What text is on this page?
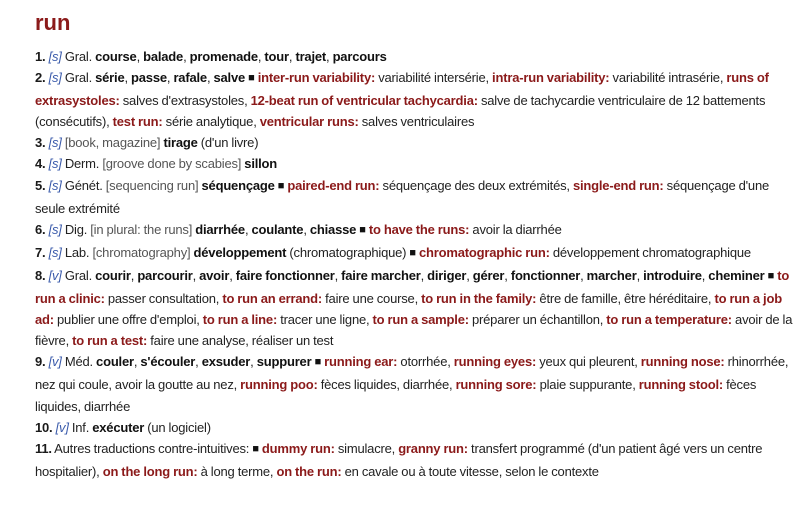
run
1. [s] Gral. course, balade, promenade, tour, trajet, parcours
2. [s] Gral. série, passe, rafale, salve ■ inter-run variability: variabilité intersérie, intra-run variability: variabilité intrasérie, runs of extrasystoles: salves d'extrasystoles, 12-beat run of ventricular tachycardia: salve de tachycardie ventriculaire de 12 battements (consécutifs), test run: série analytique, ventricular runs: salves ventriculaires
3. [s] [book, magazine] tirage (d'un livre)
4. [s] Derm. [groove done by scabies] sillon
5. [s] Génét. [sequencing run] séquençage ■ paired-end run: séquençage des deux extrémités, single-end run: séquençage d'une seule extrémité
6. [s] Dig. [in plural: the runs] diarrhée, coulante, chiasse ■ to have the runs: avoir la diarrhée
7. [s] Lab. [chromatography] développement (chromatographique) ■ chromatographic run: développement chromatographique
8. [v] Gral. courir, parcourir, avoir, faire fonctionner, faire marcher, diriger, gérer, fonctionner, marcher, introduire, cheminer ■ to run a clinic: passer consultation, to run an errand: faire une course, to run in the family: être de famille, être héréditaire, to run a job ad: publier une offre d'emploi, to run a line: tracer une ligne, to run a sample: préparer un échantillon, to run a temperature: avoir de la fièvre, to run a test: faire une analyse, réaliser un test
9. [v] Méd. couler, s'écouler, exsuder, suppurer ■ running ear: otorrhée, running eyes: yeux qui pleurent, running nose: rhinorrhée, nez qui coule, avoir la goutte au nez, running poo: fèces liquides, diarrhée, running sore: plaie suppurante, running stool: fèces liquides, diarrhée
10. [v] Inf. exécuter (un logiciel)
11. Autres traductions contre-intuitives: ■ dummy run: simulacre, granny run: transfert programmé (d'un patient âgé vers un centre hospitalier), on the long run: à long terme, on the run: en cavale ou à toute vitesse, selon le contexte
